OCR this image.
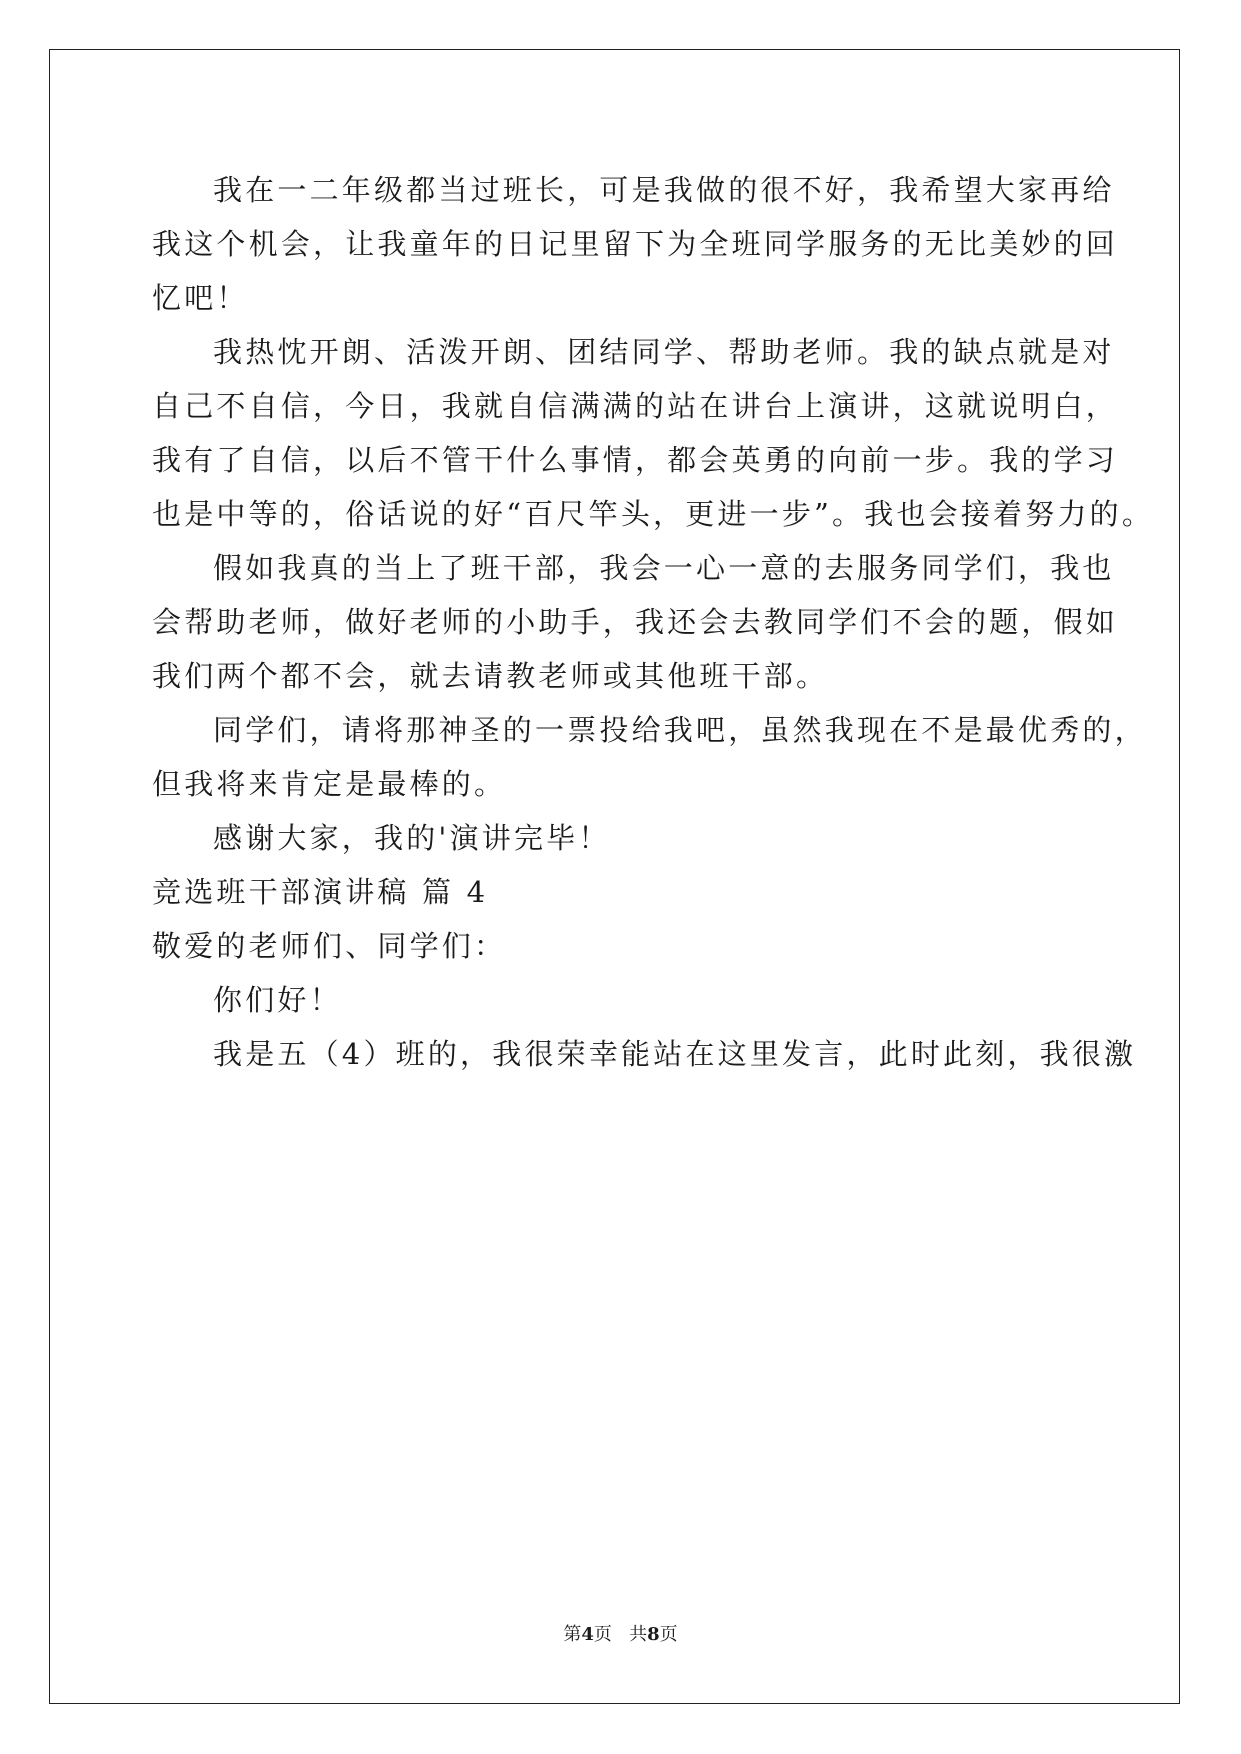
我在一二年级都当过班长，可是我做的很不好，我希望大家再给
我这个机会，让我童年的日记里留下为全班同学服务的无比美妙的回
忆吧！
我热忱开朗、活泼开朗、团结同学、帮助老师。我的缺点就是对
自己不自信，今日，我就自信满满的站在讲台上演讲，这就说明白，
我有了自信，以后不管干什么事情，都会英勇的向前一步。我的学习
也是中等的，俗话说的好“百尺竿头，更进一步”。我也会接着努力的。
假如我真的当上了班干部，我会一心一意的去服务同学们，我也
会帮助老师，做好老师的小助手，我还会去教同学们不会的题，假如
我们两个都不会，就去请教老师或其他班干部。
同学们，请将那神圣的一票投给我吧，虽然我现在不是最优秀的，
但我将来肯定是最棒的。
感谢大家，我的'演讲完毕！
竞选班干部演讲稿 篇 4
敬爱的老师们、同学们：
你们好！
我是五（4）班的，我很荣幸能站在这里发言，此时此刻，我很激
第4页 共8页
